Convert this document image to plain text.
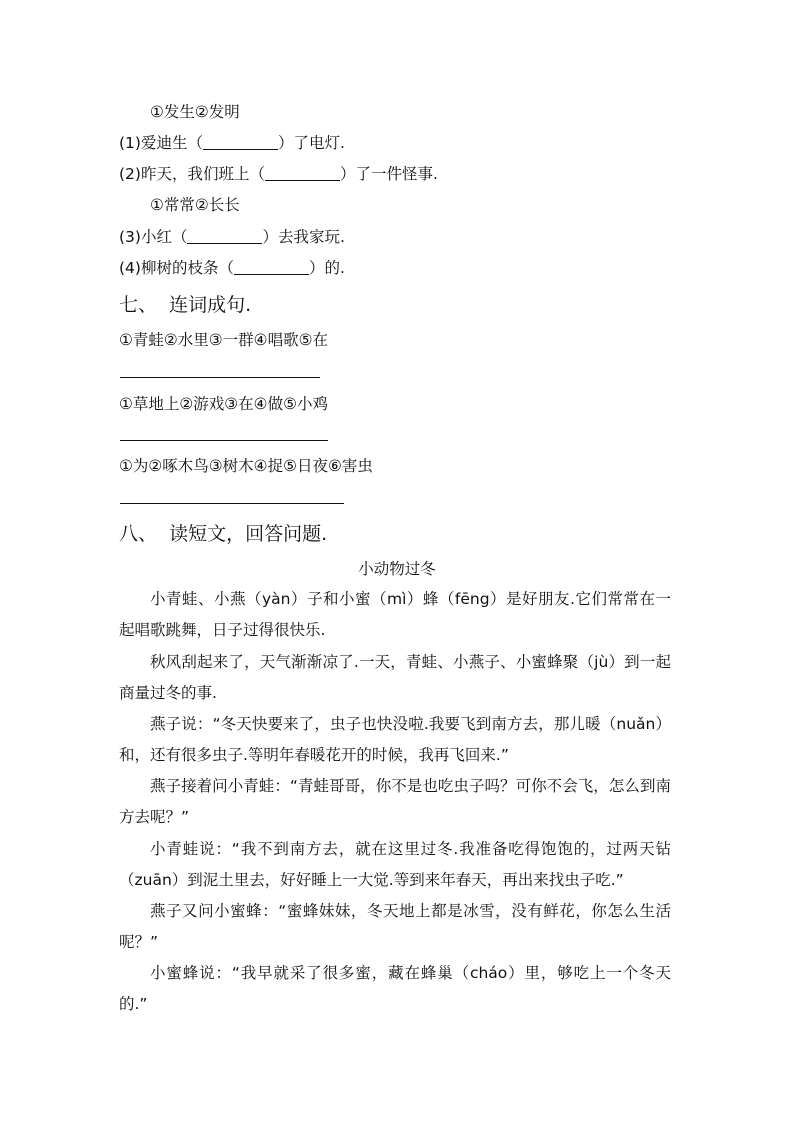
①发生②发明
(1)爱迪生（	）了电灯.
(2)昨天，我们班上（	）了一件怪事.
①常常②长长
(3)小红（	）去我家玩.
(4)柳树的枝条（	）的.
七、  连词成句.
①青蛙②水里③一群④唱歌⑤在
①草地上②游戏③在④做⑤小鸡
①为②啄木鸟③树木④捉⑤日夜⑥害虫
八、  读短文，回答问题.
小动物过冬

小青蛙、小燕（yàn）子和小蜜（mì）蜂（fēng）是好朋友.它们常常在一起唱歌跳舞，日子过得很快乐.

秋风刮起来了，天气渐渐凉了.一天，青蛙、小燕子、小蜜蜂聚（jù）到一起商量过冬的事.

燕子说：“冬天快要来了，虫子也快没啦.我要飞到南方去，那儿暖（nuǎn）和，还有很多虫子.等明年春暖花开的时候，我再飞回来.”

燕子接着问小青蛙：“青蛙哥哥，你不是也吃虫子吗？可你不会飞，怎么到南方去呢？”

小青蛙说：“我不到南方去，就在这里过冬.我准备吃得饱饱的，过两天钻（zuān）到泥土里去，好好睡上一大觉.等到来年春天，再出来找虫子吃.”

燕子又问小蜜蜂：“蜜蜂妹妹，冬天地上都是冰雪，没有鲜花，你怎么生活呢？”

小蜜蜂说：“我早就采了很多蜜，藏在蜂巢（cháo）里，够吃上一个冬天的.”
